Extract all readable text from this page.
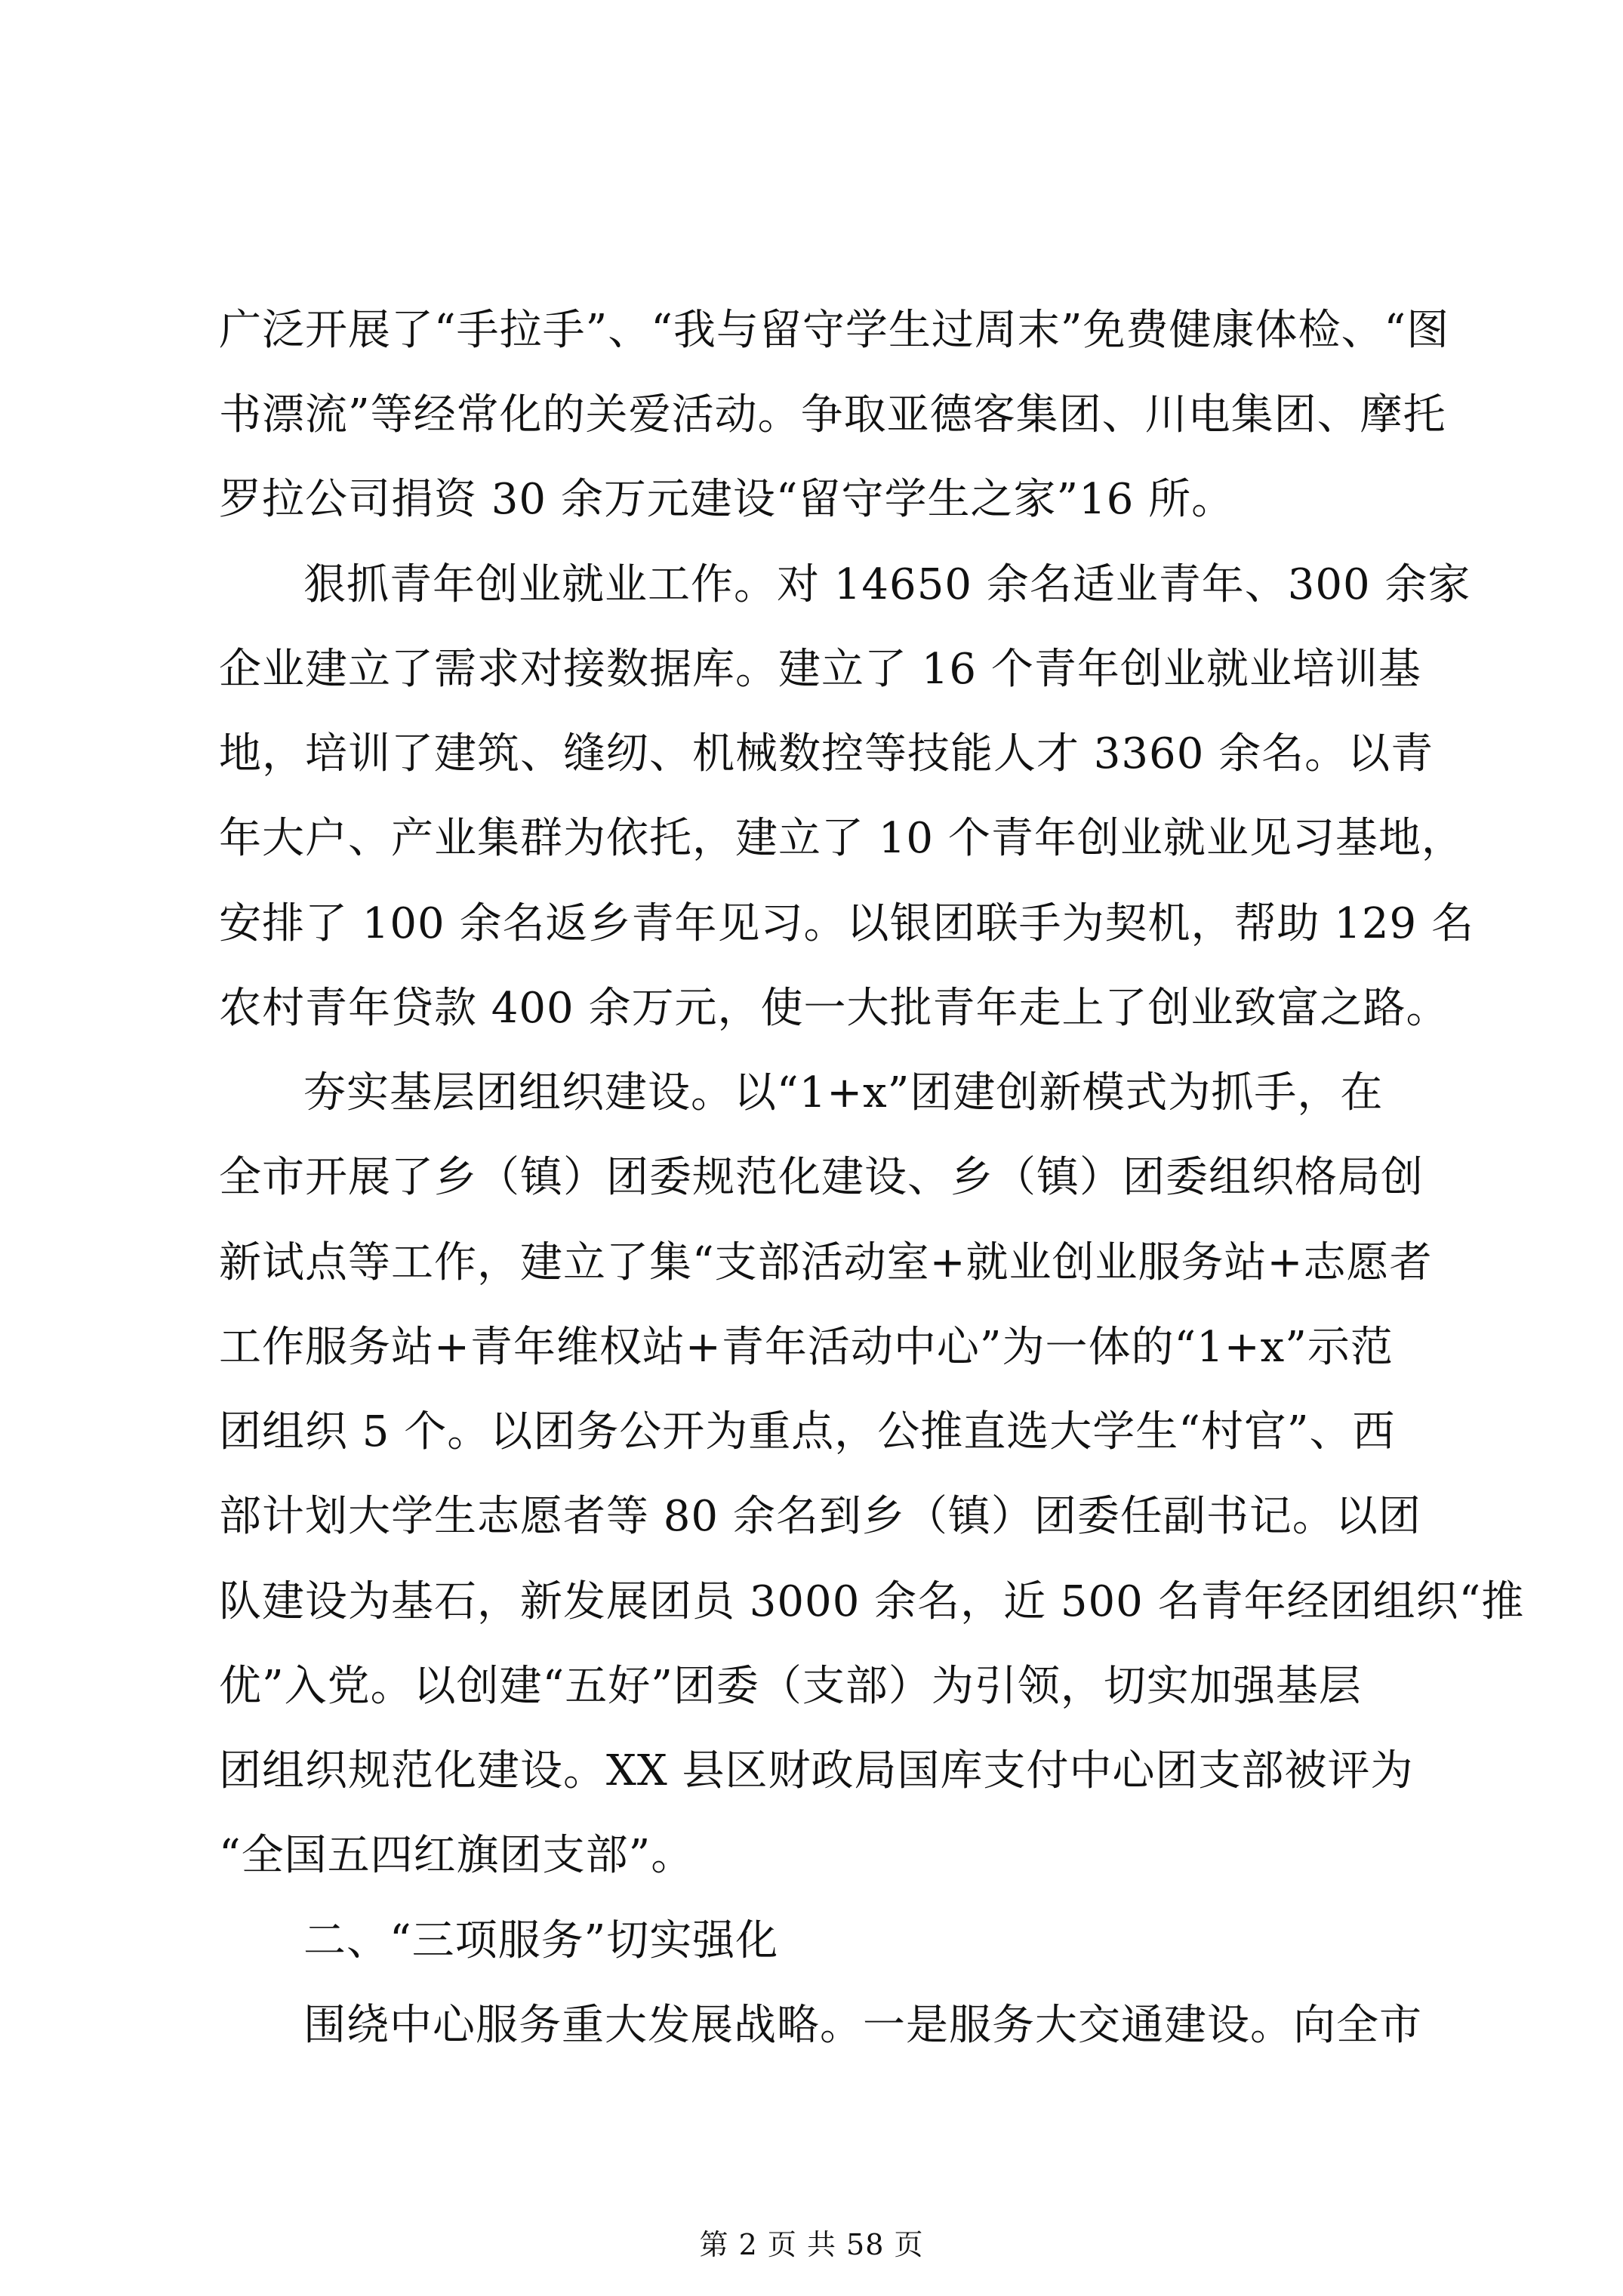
广泛开展了“手拉手”、“我与留守学生过周末”免费健康体检、“图
书漂流”等经常化的关爱活动。争取亚德客集团、川电集团、摩托
罗拉公司捐资 30 余万元建设“留守学生之家”16 所。
狠抓青年创业就业工作。对 14650 余名适业青年、300 余家
企业建立了需求对接数据库。建立了 16 个青年创业就业培训基
地，培训了建筑、缝纫、机械数控等技能人才 3360 余名。以青
年大户、产业集群为依托，建立了 10 个青年创业就业见习基地，
安排了 100 余名返乡青年见习。以银团联手为契机，帮助 129 名
农村青年贷款 400 余万元，使一大批青年走上了创业致富之路。
夯实基层团组织建设。以“1+x”团建创新模式为抓手，在
全市开展了乡（镇）团委规范化建设、乡（镇）团委组织格局创
新试点等工作，建立了集“支部活动室+就业创业服务站+志愿者
工作服务站+青年维权站+青年活动中心”为一体的“1+x”示范
团组织 5 个。以团务公开为重点，公推直选大学生“村官”、西
部计划大学生志愿者等 80 余名到乡（镇）团委任副书记。以团
队建设为基石，新发展团员 3000 余名，近 500 名青年经团组织“推
优”入党。以创建“五好”团委（支部）为引领，切实加强基层
团组织规范化建设。XX 县区财政局国库支付中心团支部被评为
“全国五四红旗团支部”。
二、“三项服务”切实强化
围绕中心服务重大发展战略。一是服务大交通建设。向全市
第 2 页 共 58 页
